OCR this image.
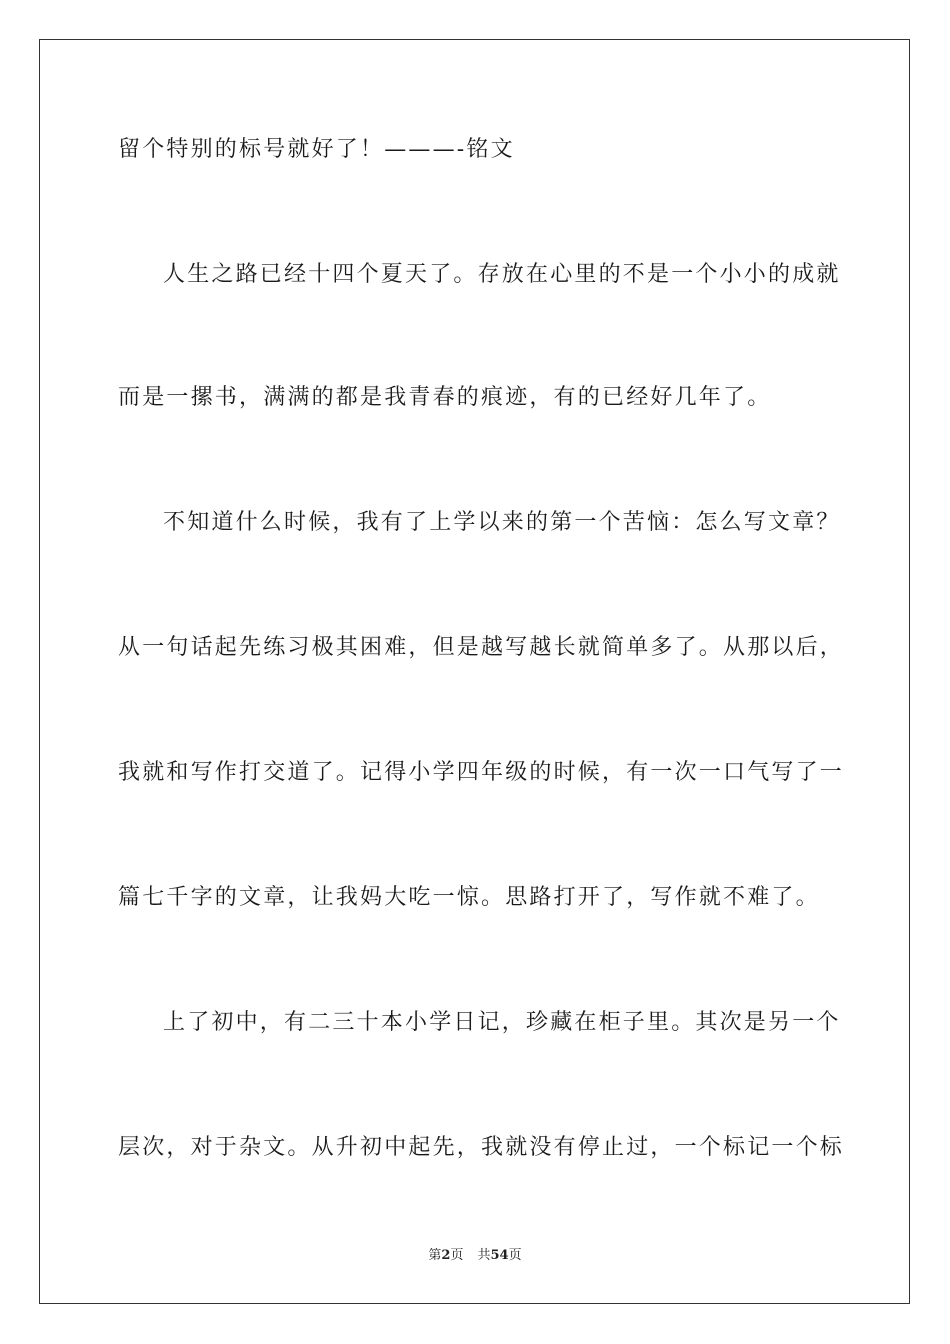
留个特别的标号就好了！———-铭文
人生之路已经十四个夏天了。存放在心里的不是一个小小的成就
而是一摞书，满满的都是我青春的痕迹，有的已经好几年了。
不知道什么时候，我有了上学以来的第一个苦恼：怎么写文章？
从一句话起先练习极其困难，但是越写越长就简单多了。从那以后，
我就和写作打交道了。记得小学四年级的时候，有一次一口气写了一
篇七千字的文章，让我妈大吃一惊。思路打开了，写作就不难了。
上了初中，有二三十本小学日记，珍藏在柜子里。其次是另一个
层次，对于杂文。从升初中起先，我就没有停止过，一个标记一个标
第2页 共54页
